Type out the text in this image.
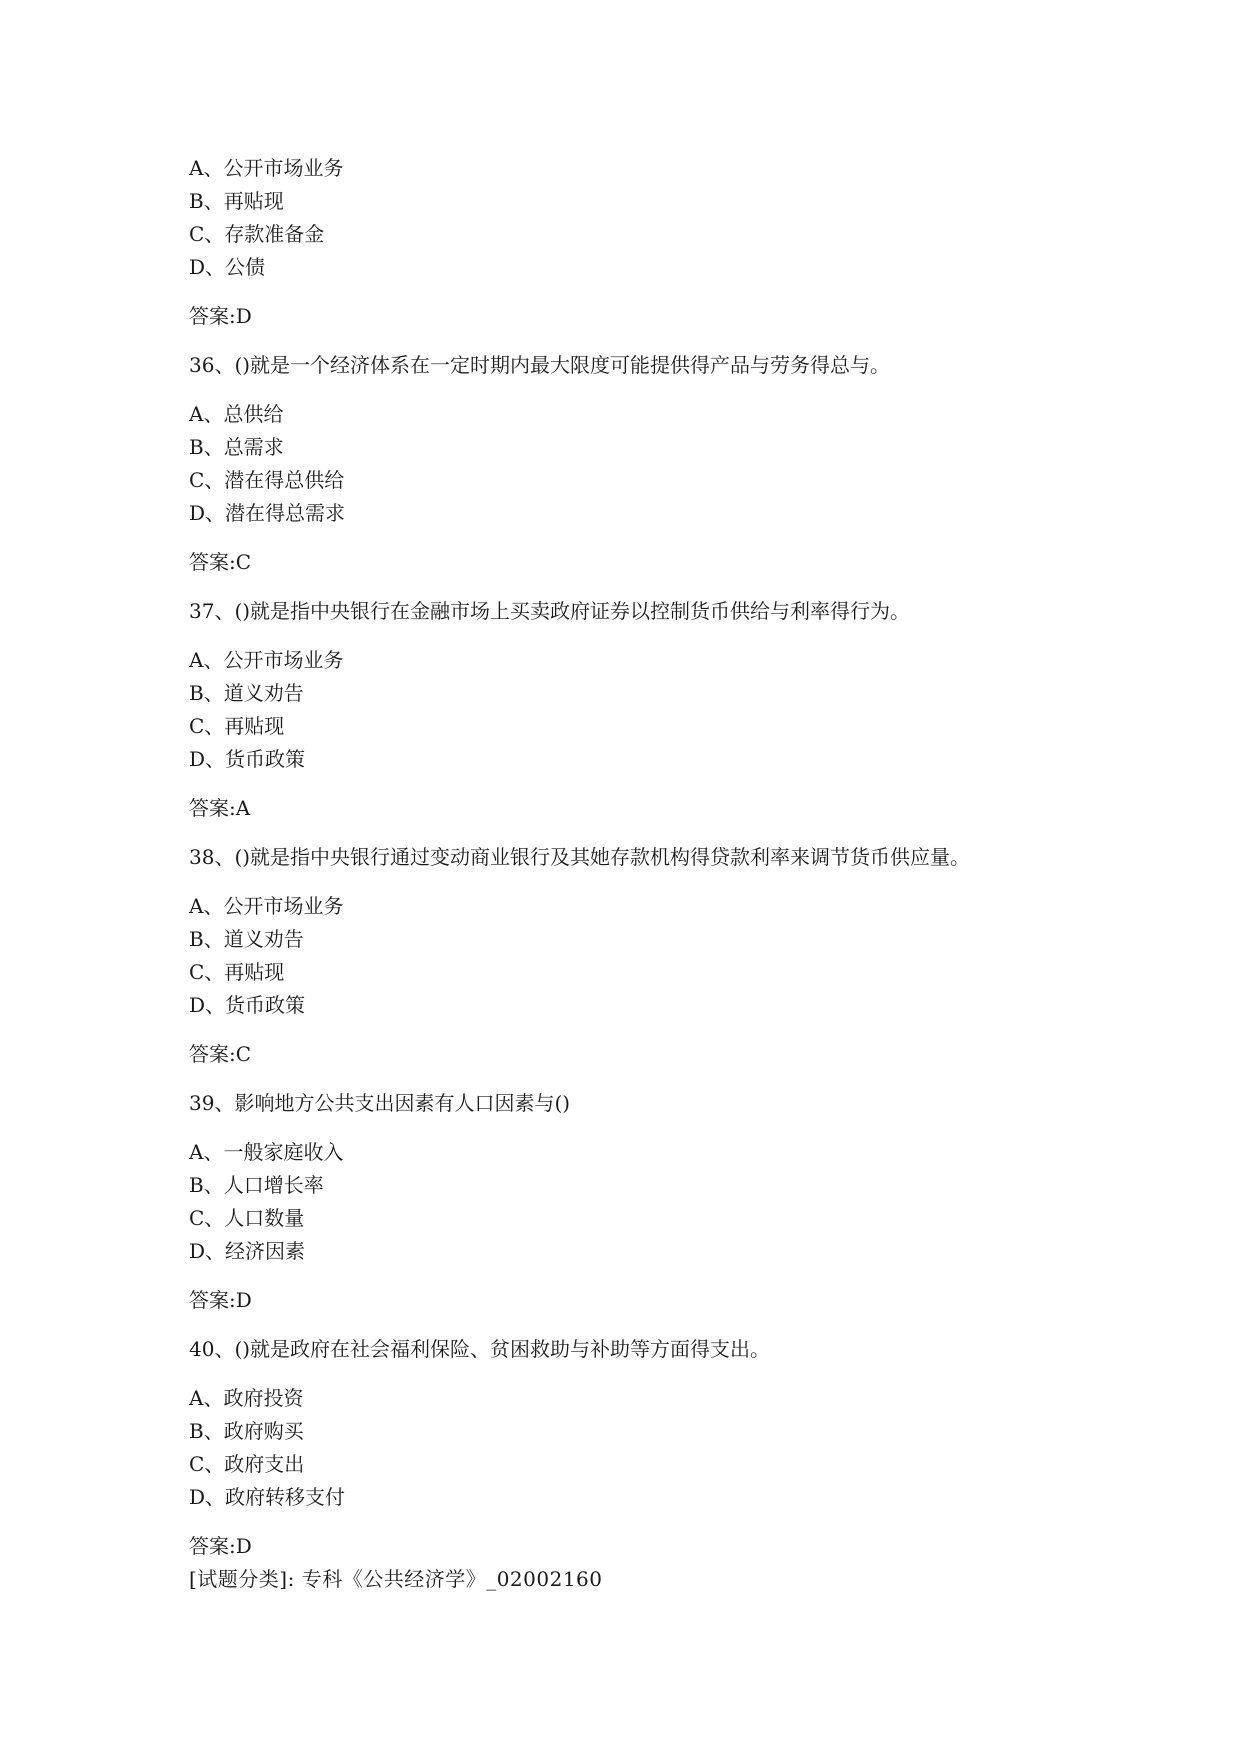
A、公开市场业务
B、再贴现
C、存款准备金
D、公债
答案:D
36、()就是一个经济体系在一定时期内最大限度可能提供得产品与劳务得总与。
A、总供给
B、总需求
C、潜在得总供给
D、潜在得总需求
答案:C
37、()就是指中央银行在金融市场上买卖政府证券以控制货币供给与利率得行为。
A、公开市场业务
B、道义劝告
C、再贴现
D、货币政策
答案:A
38、()就是指中央银行通过变动商业银行及其她存款机构得贷款利率来调节货币供应量。
A、公开市场业务
B、道义劝告
C、再贴现
D、货币政策
答案:C
39、影响地方公共支出因素有人口因素与()
A、一般家庭收入
B、人口增长率
C、人口数量
D、经济因素
答案:D
40、()就是政府在社会福利保险、贫困救助与补助等方面得支出。
A、政府投资
B、政府购买
C、政府支出
D、政府转移支付
答案:D
[试题分类]: 专科《公共经济学》_02002160
